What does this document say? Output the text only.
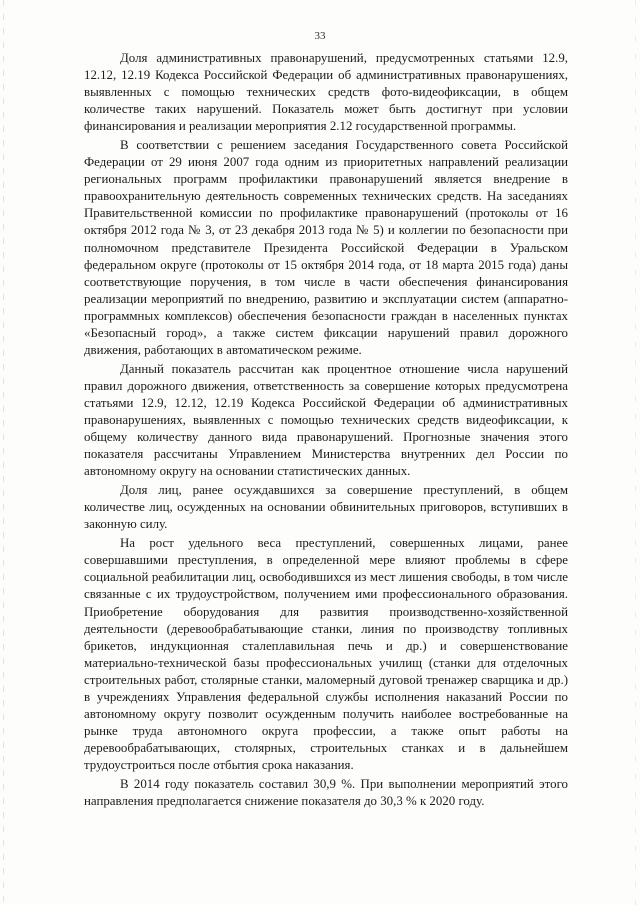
33

Доля административных правонарушений, предусмотренных статьями 12.9, 12.12, 12.19 Кодекса Российской Федерации об административных правонарушениях, выявленных с помощью технических средств фото-видеофиксации, в общем количестве таких нарушений. Показатель может быть достигнут при условии финансирования и реализации мероприятия 2.12 государственной программы.

В соответствии с решением заседания Государственного совета Российской Федерации от 29 июня 2007 года одним из приоритетных направлений реализации региональных программ профилактики правонарушений является внедрение в правоохранительную деятельность современных технических средств. На заседаниях Правительственной комиссии по профилактике правонарушений (протоколы от 16 октября 2012 года № 3, от 23 декабря 2013 года № 5) и коллегии по безопасности при полномочном представителе Президента Российской Федерации в Уральском федеральном округе (протоколы от 15 октября 2014 года, от 18 марта 2015 года) даны соответствующие поручения, в том числе в части обеспечения финансирования реализации мероприятий по внедрению, развитию и эксплуатации систем (аппаратно-программных комплексов) обеспечения безопасности граждан в населенных пунктах «Безопасный город», а также систем фиксации нарушений правил дорожного движения, работающих в автоматическом режиме.

Данный показатель рассчитан как процентное отношение числа нарушений правил дорожного движения, ответственность за совершение которых предусмотрена статьями 12.9, 12.12, 12.19 Кодекса Российской Федерации об административных правонарушениях, выявленных с помощью технических средств видеофиксации, к общему количеству данного вида правонарушений. Прогнозные значения этого показателя рассчитаны Управлением Министерства внутренних дел России по автономному округу на основании статистических данных.

Доля лиц, ранее осуждавшихся за совершение преступлений, в общем количестве лиц, осужденных на основании обвинительных приговоров, вступивших в законную силу.

На рост удельного веса преступлений, совершенных лицами, ранее совершавшими преступления, в определенной мере влияют проблемы в сфере социальной реабилитации лиц, освободившихся из мест лишения свободы, в том числе связанные с их трудоустройством, получением ими профессионального образования. Приобретение оборудования для развития производственно-хозяйственной деятельности (деревообрабатывающие станки, линия по производству топливных брикетов, индукционная сталеплавильная печь и др.) и совершенствование материально-технической базы профессиональных училищ (станки для отделочных строительных работ, столярные станки, маломерный дуговой тренажер сварщика и др.) в учреждениях Управления федеральной службы исполнения наказаний России по автономному округу позволит осужденным получить наиболее востребованные на рынке труда автономного округа профессии, а также опыт работы на деревообрабатывающих, столярных, строительных станках и в дальнейшем трудоустроиться после отбытия срока наказания.

В 2014 году показатель составил 30,9 %. При выполнении мероприятий этого направления предполагается снижение показателя до 30,3 % к 2020 году.
